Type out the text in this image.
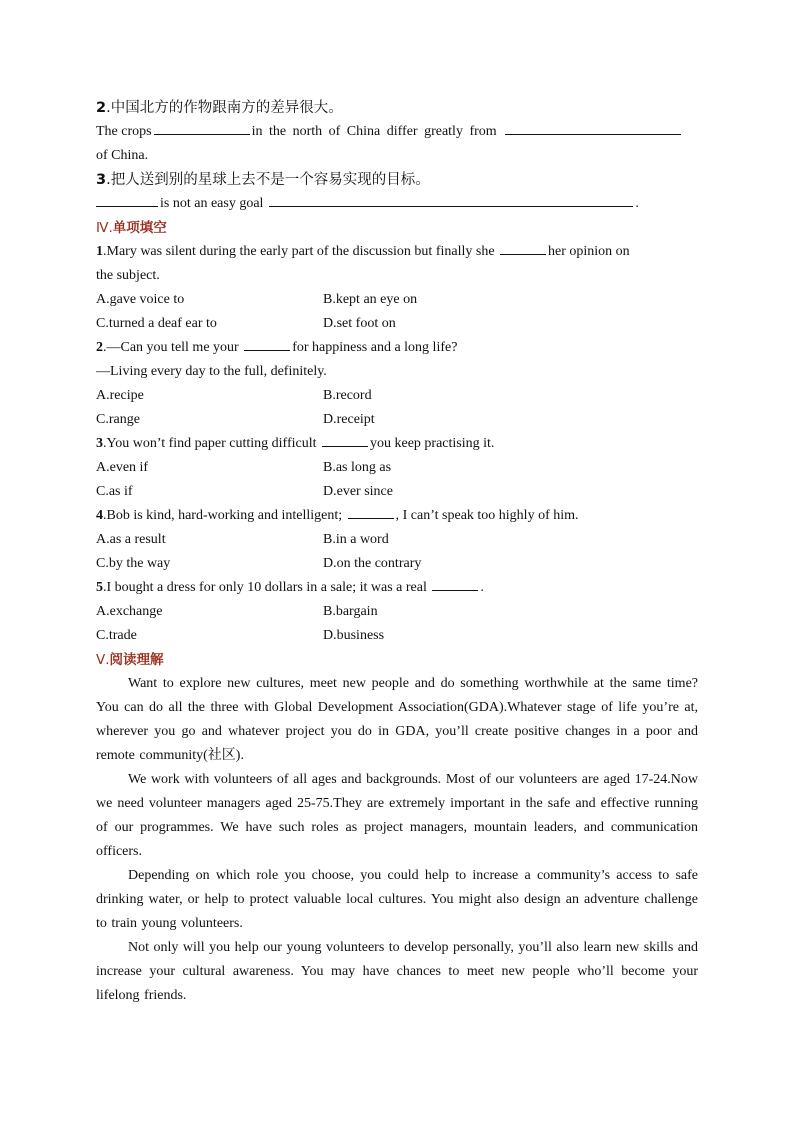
2.中国北方的作物跟南方的差异很大。
The crops	in the north of China differ greatly from
of China.
3.把人送到别的星球上去不是一个容易实现的目标。
is not an easy goal	.
Ⅳ.单项填空
1.Mary was silent during the early part of the discussion but finally she	her opinion on
the subject.
A.gave voice to	B.kept an eye on
C.turned a deaf ear to	D.set foot on
2.—Can you tell me your	for happiness and a long life?
—Living every day to the full, definitely.
A.recipe	B.record
C.range	D.receipt
3.You won’t find paper cutting difficult	you keep practising it.
A.even if	B.as long as
C.as if	D.ever since
4.Bob is kind, hard-working and intelligent;	, I can’t speak too highly of him.
A.as a result	B.in a word
C.by the way	D.on the contrary
5.I bought a dress for only 10 dollars in a sale; it was a real	.
A.exchange	B.bargain
C.trade	D.business
Ⅴ.阅读理解

Want to explore new cultures, meet new people and do something worthwhile at the same time? You can do all the three with Global Development Association(GDA).Whatever stage of life you’re at, wherever you go and whatever project you do in GDA, you’ll create positive changes in a poor and remote community(社区).

We work with volunteers of all ages and backgrounds. Most of our volunteers are aged 17-24.Now we need volunteer managers aged 25-75.They are extremely important in the safe and effective running of our programmes. We have such roles as project managers, mountain leaders, and communication officers.

Depending on which role you choose, you could help to increase a community’s access to safe drinking water, or help to protect valuable local cultures. You might also design an adventure challenge to train young volunteers.

Not only will you help our young volunteers to develop personally, you’ll also learn new skills and increase your cultural awareness. You may have chances to meet new people who’ll become your lifelong friends.
